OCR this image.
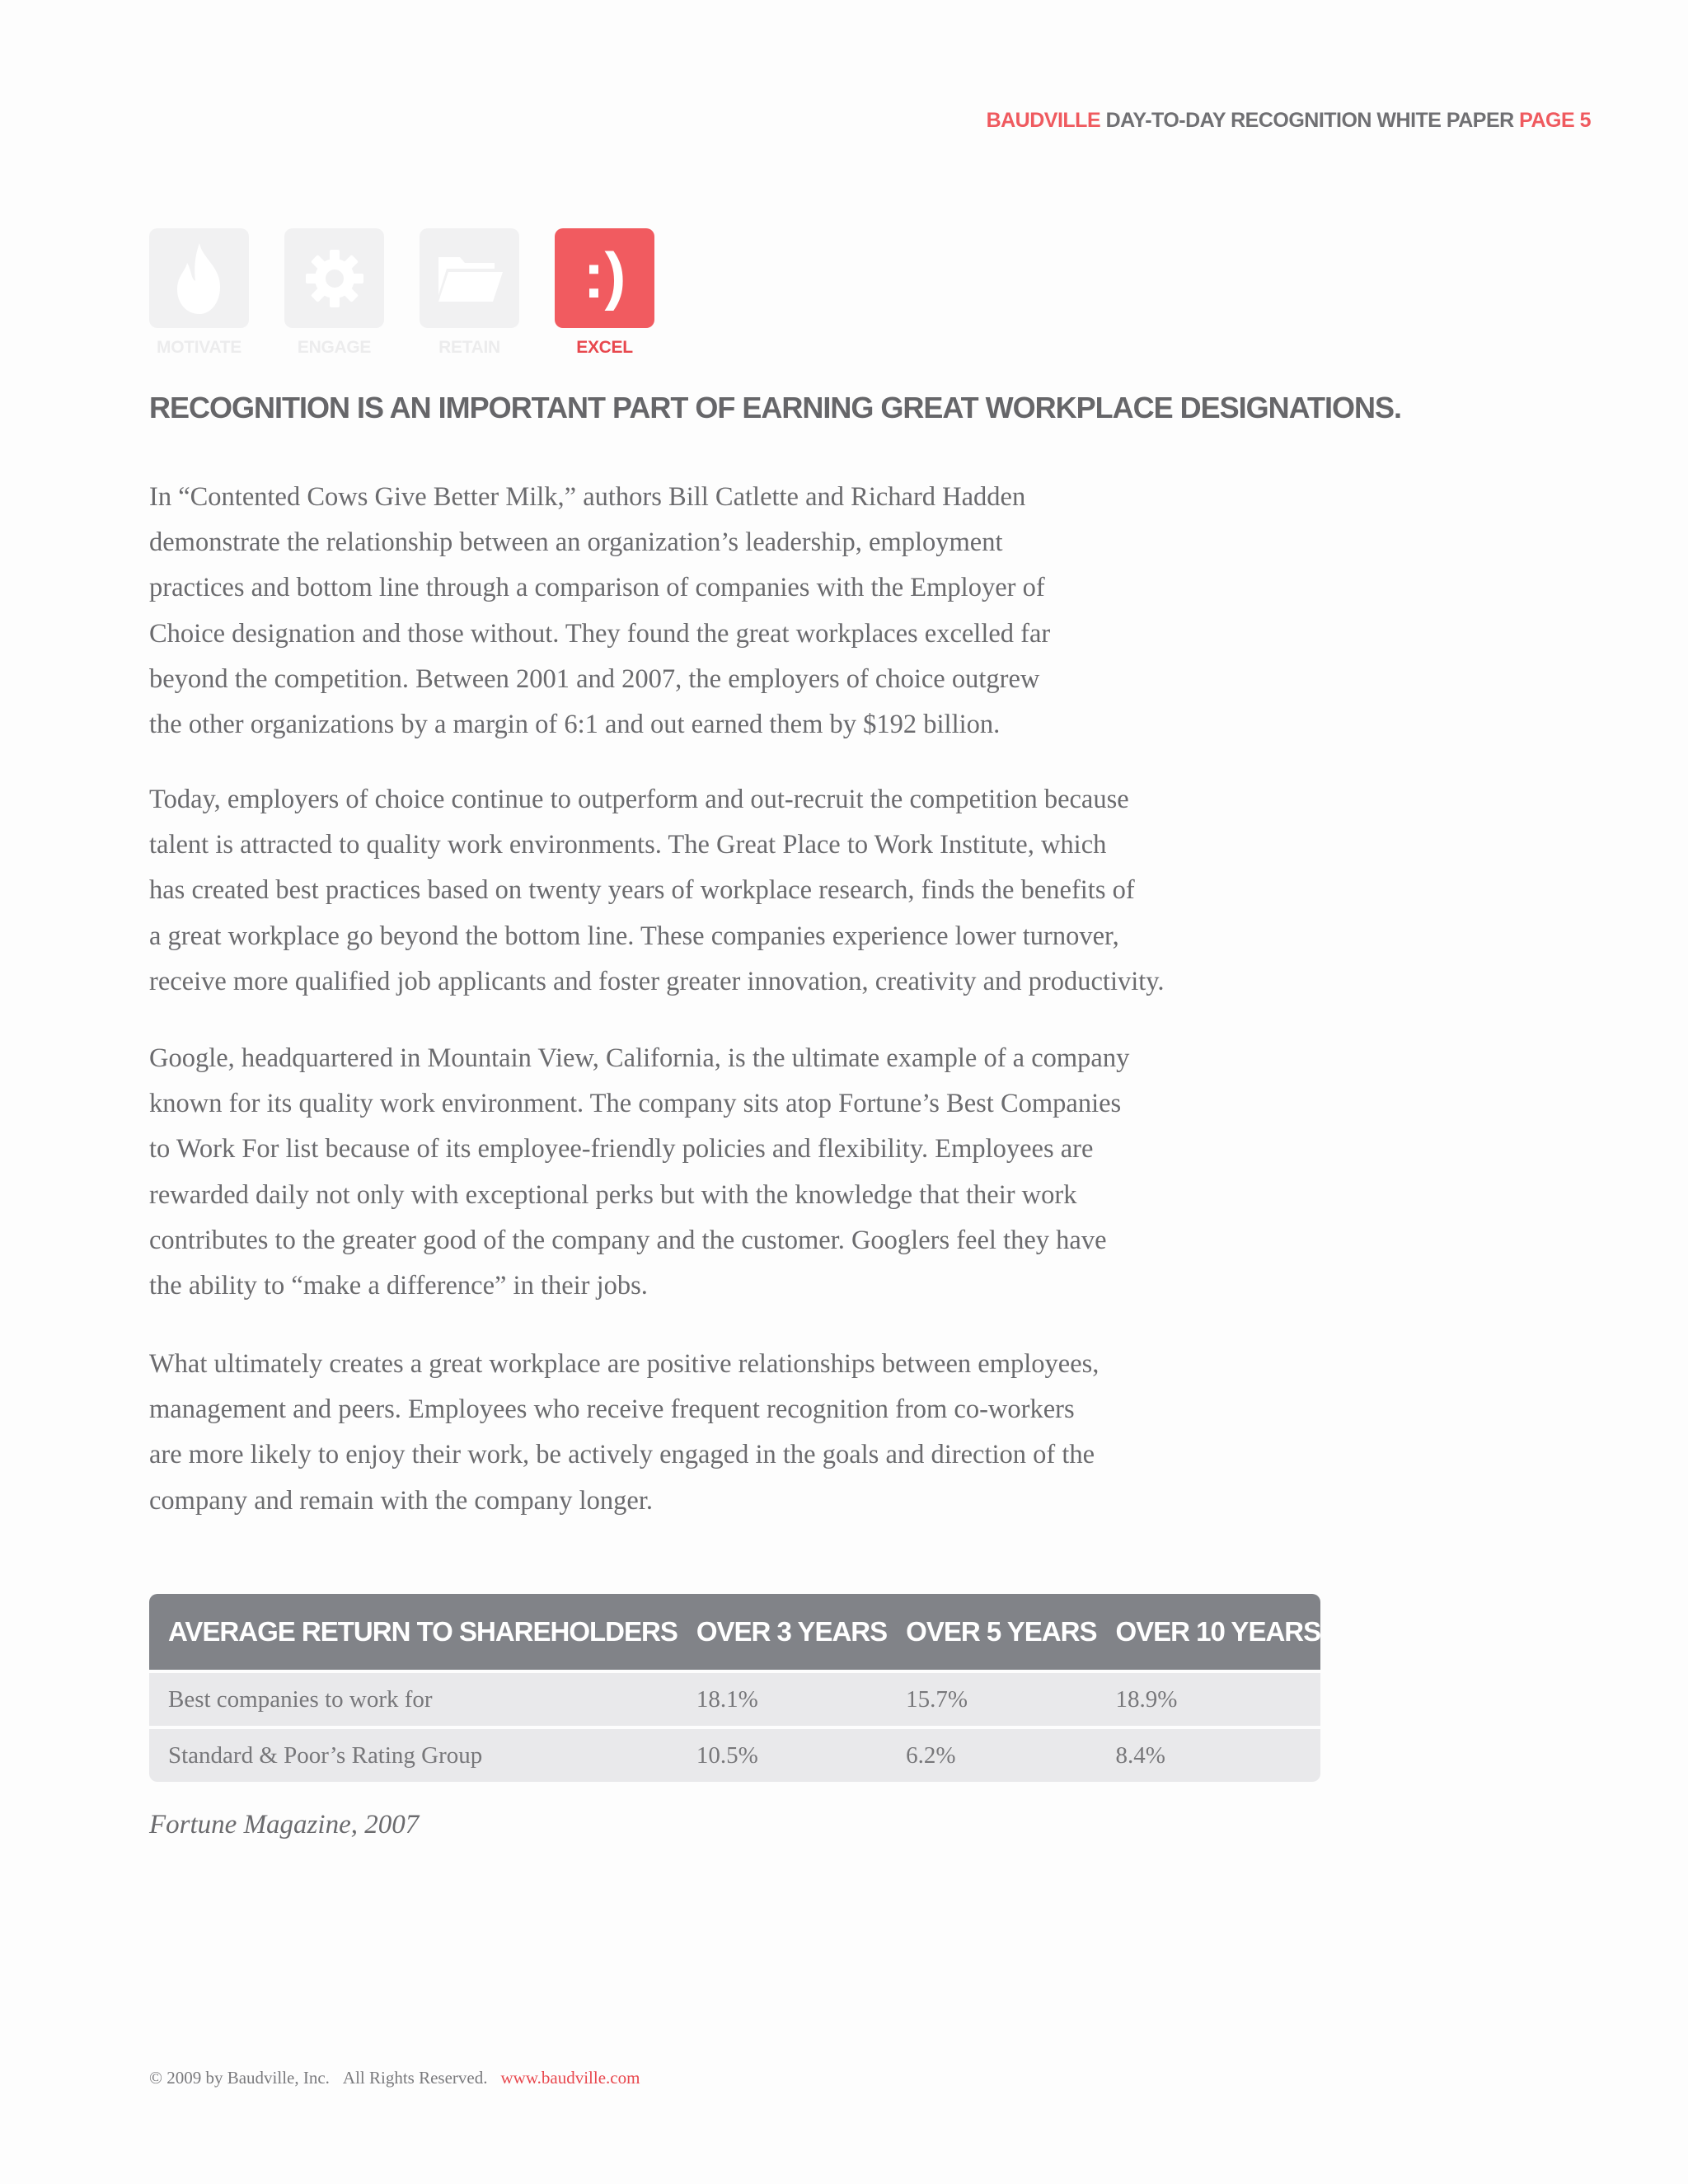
BAUDVILLE DAY-TO-DAY RECOGNITION WHITE PAPER PAGE 5
MOTIVATE	ENGAGE	RETAIN
:)
EXCEL
RECOGNITION IS AN IMPORTANT PART OF EARNING GREAT WORKPLACE DESIGNATIONS.

In “Contented Cows Give Better Milk,” authors Bill Catlette and Richard Hadden
demonstrate the relationship between an organization’s leadership, employment
practices and bottom line through a comparison of companies with the Employer of
Choice designation and those without. They found the great workplaces excelled far
beyond the competition. Between 2001 and 2007, the employers of choice outgrew
the other organizations by a margin of 6:1 and out earned them by $192 billion.

Today, employers of choice continue to outperform and out-recruit the competition because
talent is attracted to quality work environments. The Great Place to Work Institute, which
has created best practices based on twenty years of workplace research, finds the benefits of
a great workplace go beyond the bottom line. These companies experience lower turnover,
receive more qualified job applicants and foster greater innovation, creativity and productivity.

Google, headquartered in Mountain View, California, is the ultimate example of a company
known for its quality work environment. The company sits atop Fortune’s Best Companies
to Work For list because of its employee-friendly policies and flexibility. Employees are
rewarded daily not only with exceptional perks but with the knowledge that their work
contributes to the greater good of the company and the customer. Googlers feel they have
the ability to “make a difference” in their jobs.

What ultimately creates a great workplace are positive relationships between employees,
management and peers. Employees who receive frequent recognition from co-workers
are more likely to enjoy their work, be actively engaged in the goals and direction of the
company and remain with the company longer.

AVERAGE RETURN TO SHAREHOLDERS	OVER 3 YEARS	OVER 5 YEARS	OVER 10 YEARS
Best companies to work for	18.1%	15.7%	18.9%
Standard & Poor’s Rating Group	10.5%	6.2%	8.4%

Fortune Magazine, 2007

© 2009 by Baudville, Inc. All Rights Reserved. www.baudville.com
